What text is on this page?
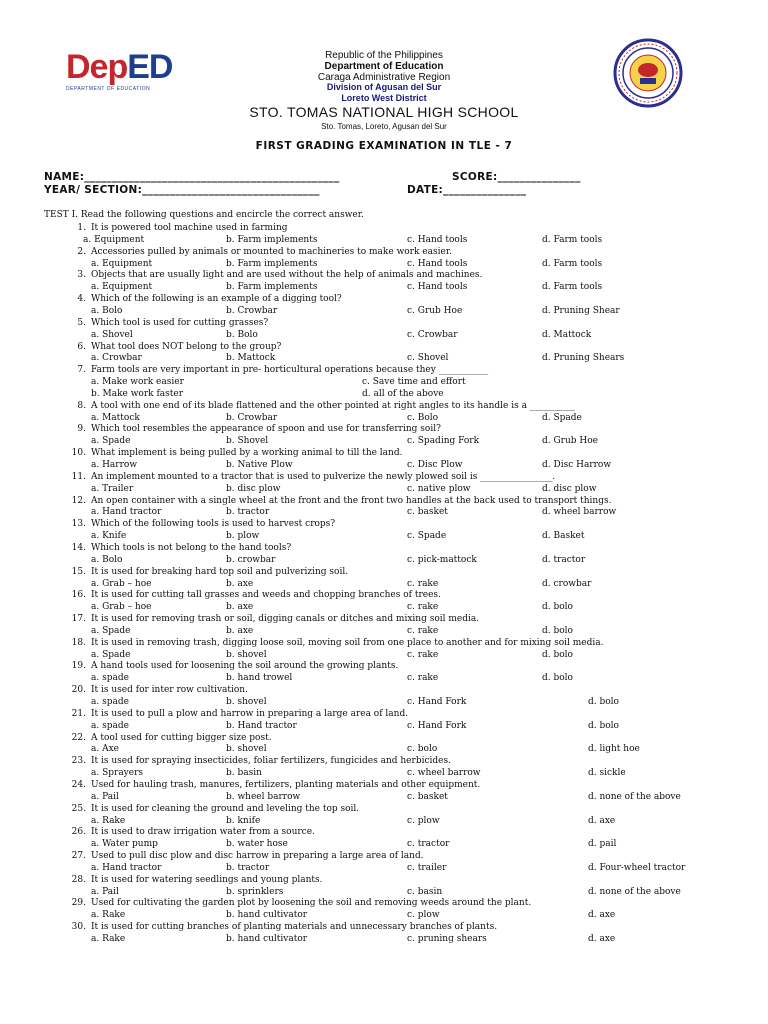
DepED
DEPARTMENT OF EDUCATION
Republic of the Philippines
Department of Education
Caraga Administrative Region
Division of Agusan del Sur
Loreto West District
STO. TOMAS NATIONAL HIGH SCHOOL
Sto. Tomas, Loreto, Agusan del Sur
FIRST GRADING EXAMINATION IN TLE - 7
NAME:______________________________________________	SCORE:_______________
YEAR/ SECTION:________________________________	DATE:_______________
TEST I. Read the following questions and encircle the correct answer.
1. It is powered tool machine used in farming
a. Equipment	b. Farm implements	c. Hand tools	d. Farm tools
2. Accessories pulled by animals or mounted to machineries to make work easier.
a. Equipment	b. Farm implements	c. Hand tools	d. Farm tools
3. Objects that are usually light and are used without the help of animals and machines.
a. Equipment	b. Farm implements	c. Hand tools	d. Farm tools
4. Which of the following is an example of a digging tool?
a. Bolo	b. Crowbar	c. Grub Hoe	d. Pruning Shear
5. Which tool is used for cutting grasses?
a. Shovel	b. Bolo	c. Crowbar	d. Mattock
6. What tool does NOT belong to the group?
a. Crowbar	b. Mattock	c. Shovel	d. Pruning Shears
7. Farm tools are very important in pre- horticultural operations because they ___________
a. Make work easier	c. Save time and effort
b. Make work faster	d. all of the above
8. A tool with one end of its blade flattened and the other pointed at right angles to its handle is a __________
a. Mattock	b. Crowbar	c. Bolo	d. Spade
9. Which tool resembles the appearance of spoon and use for transferring soil?
a. Spade	b. Shovel	c. Spading Fork	d. Grub Hoe
10. What implement is being pulled by a working animal to till the land.
a. Harrow	b. Native Plow	c. Disc Plow	d. Disc Harrow
11. An implement mounted to a tractor that is used to pulverize the newly plowed soil is ________________.
a. Trailer	b. disc plow	c. native plow	d. disc plow
12. An open container with a single wheel at the front and the front two handles at the back used to transport things.
a. Hand tractor	b. tractor	c. basket	d. wheel barrow
13. Which of the following tools is used to harvest crops?
a. Knife	b. plow	c. Spade	d. Basket
14. Which tools is not belong to the hand tools?
a. Bolo	b. crowbar	c. pick-mattock	d. tractor
15. It is used for breaking hard top soil and pulverizing soil.
a. Grab – hoe	b. axe	c. rake	d. crowbar
16. It is used for cutting tall grasses and weeds and chopping branches of trees.
a. Grab – hoe	b. axe	c. rake	d. bolo
17. It is used for removing trash or soil, digging canals or ditches and mixing soil media.
a. Spade	b. axe	c. rake	d. bolo
18. It is used in removing trash, digging loose soil, moving soil from one place to another and for mixing soil media.
a. Spade	b. shovel	c. rake	d. bolo
19. A hand tools used for loosening the soil around the growing plants.
a. spade	b. hand trowel	c. rake	d. bolo
20. It is used for inter row cultivation.
a. spade	b. shovel	c. Hand Fork	d. bolo
21. It is used to pull a plow and harrow in preparing a large area of land.
a. spade	b. Hand tractor	c. Hand Fork	d. bolo
22. A tool used for cutting bigger size post.
a. Axe	b. shovel	c. bolo	d. light hoe
23. It is used for spraying insecticides, foliar fertilizers, fungicides and herbicides.
a. Sprayers	b. basin	c. wheel barrow	d. sickle
24. Used for hauling trash, manures, fertilizers, planting materials and other equipment.
a. Pail	b. wheel barrow	c. basket	d. none of the above
25. It is used for cleaning the ground and leveling the top soil.
a. Rake	b. knife	c. plow	d. axe
26. It is used to draw irrigation water from a source.
a. Water pump	b. water hose	c. tractor	d. pail
27. Used to pull disc plow and disc harrow in preparing a large area of land.
a. Hand tractor	b. tractor	c. trailer	d. Four-wheel tractor
28. It is used for watering seedlings and young plants.
a. Pail	b. sprinklers	c. basin	d. none of the above
29. Used for cultivating the garden plot by loosening the soil and removing weeds around the plant.
a. Rake	b. hand cultivator	c. plow	d. axe
30. It is used for cutting branches of planting materials and unnecessary branches of plants.
a. Rake	b. hand cultivator	c. pruning shears	d. axe
